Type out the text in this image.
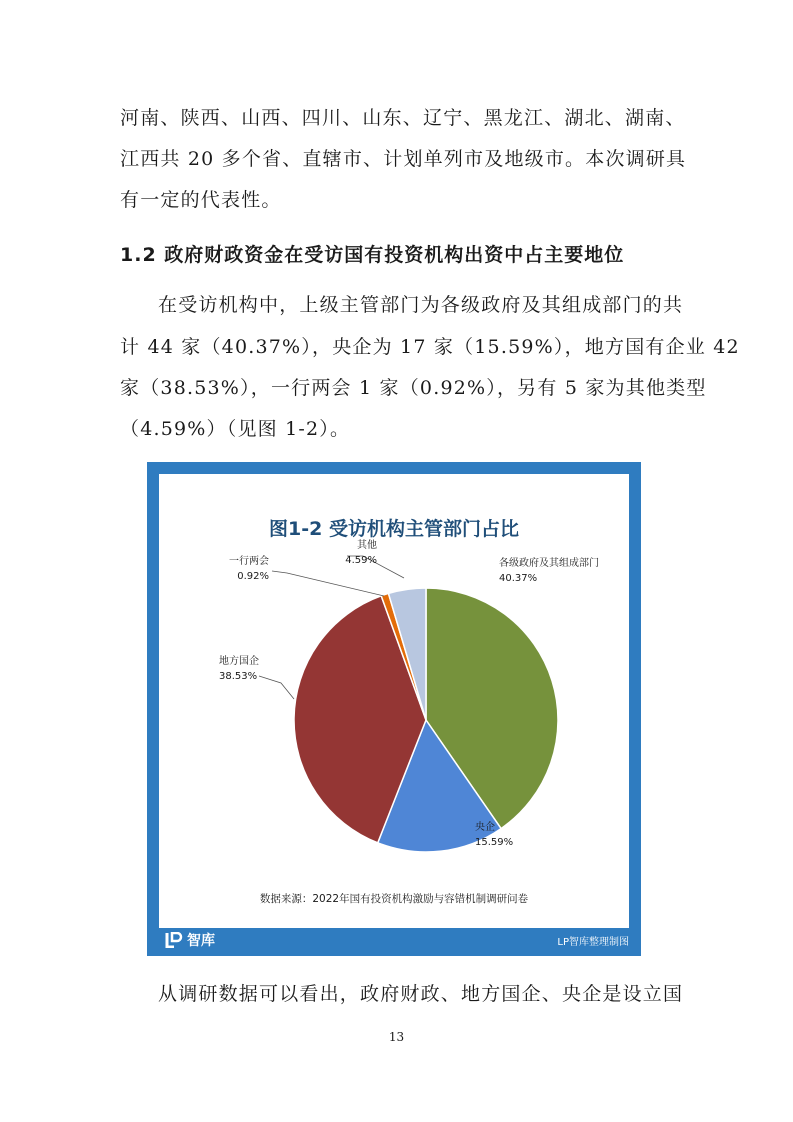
河南、陕西、山西、四川、山东、辽宁、黑龙江、湖北、湖南、
江西共 20 多个省、直辖市、计划单列市及地级市。本次调研具
有一定的代表性。
1.2 政府财政资金在受访国有投资机构出资中占主要地位
在受访机构中，上级主管部门为各级政府及其组成部门的共
计 44 家（40.37%），央企为 17 家（15.59%），地方国有企业 42
家（38.53%），一行两会 1 家（0.92%），另有 5 家为其他类型
（4.59%）（见图 1-2）。
图1-2 受访机构主管部门占比
各级政府及其组成部门
40.37%
央企
15.59%
地方国企
38.53%
一行两会
0.92%
其他
4.59%
数据来源：2022年国有投资机构激励与容错机制调研问卷
智库	LP智库整理制图
从调研数据可以看出，政府财政、地方国企、央企是设立国
13
